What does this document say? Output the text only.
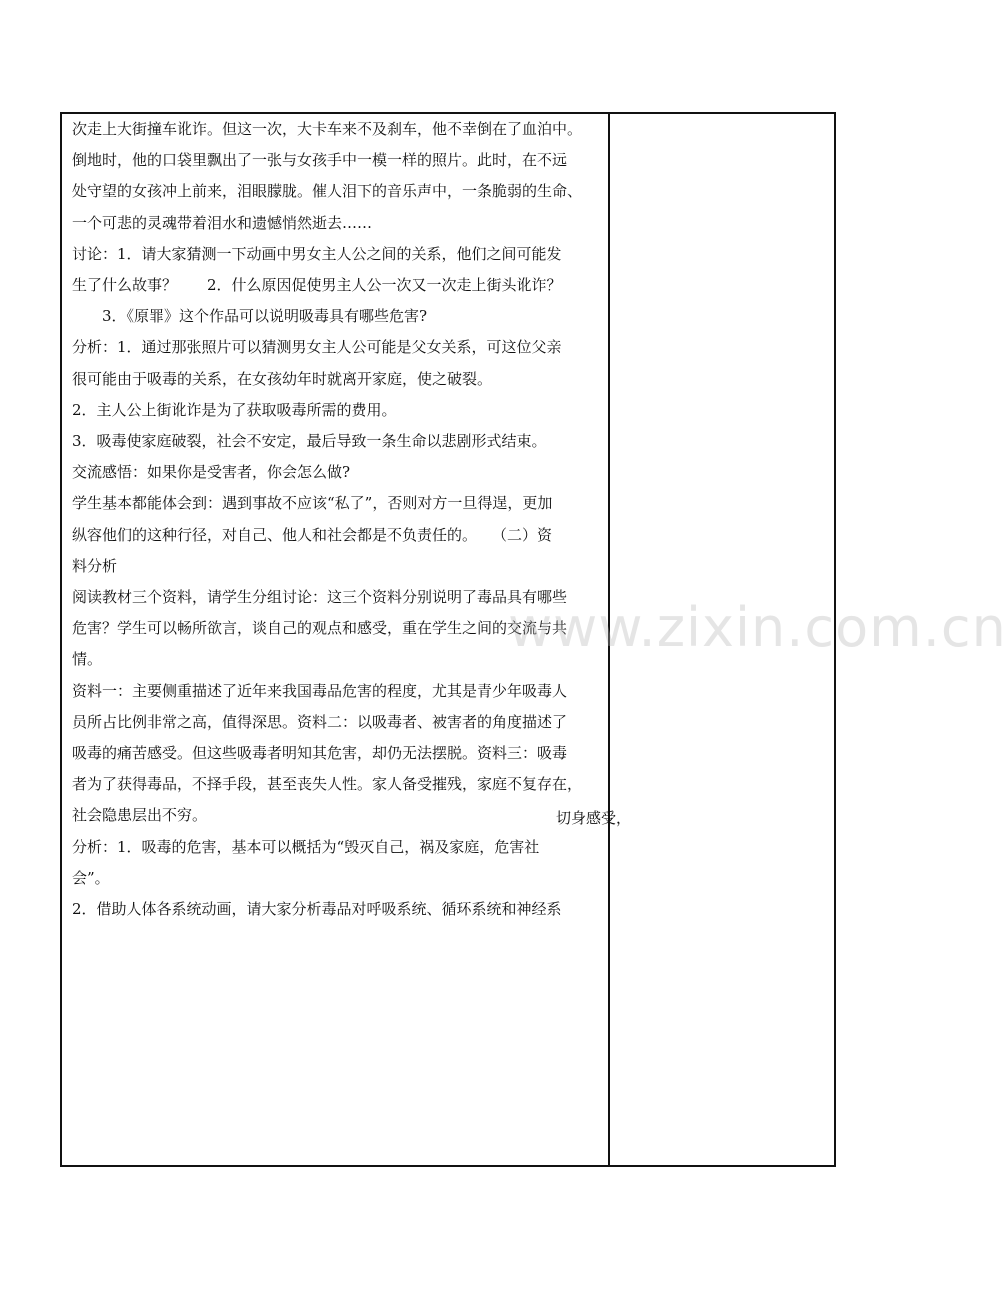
次走上大街撞车讹诈。但这一次，大卡车来不及刹车，他不幸倒在了血泊中。

倒地时，他的口袋里飘出了一张与女孩手中一模一样的照片。此时，在不远

处守望的女孩冲上前来，泪眼朦胧。催人泪下的音乐声中，一条脆弱的生命、

一个可悲的灵魂带着泪水和遗憾悄然逝去……

讨论：1．请大家猜测一下动画中男女主人公之间的关系，他们之间可能发

生了什么故事？　　2．什么原因促使男主人公一次又一次走上街头讹诈？

3．《原罪》这个作品可以说明吸毒具有哪些危害?

分析：1．通过那张照片可以猜测男女主人公可能是父女关系，可这位父亲

很可能由于吸毒的关系，在女孩幼年时就离开家庭，使之破裂。

2．主人公上街讹诈是为了获取吸毒所需的费用。

3．吸毒使家庭破裂，社会不安定，最后导致一条生命以悲剧形式结束。

交流感悟：如果你是受害者，你会怎么做?

学生基本都能体会到：遇到事故不应该“私了”，否则对方一旦得逞，更加

纵容他们的这种行径，对自己、他人和社会都是不负责任的。　　（二）资

料分析

阅读教材三个资料，请学生分组讨论：这三个资料分别说明了毒品具有哪些

危害？学生可以畅所欲言，谈自己的观点和感受，重在学生之间的交流与共

情。

资料一：主要侧重描述了近年来我国毒品危害的程度，尤其是青少年吸毒人

员所占比例非常之高，值得深思。资料二：以吸毒者、被害者的角度描述了

吸毒的痛苦感受。但这些吸毒者明知其危害，却仍无法摆脱。资料三：吸毒

者为了获得毒品，不择手段，甚至丧失人性。家人备受摧残，家庭不复存在，

社会隐患层出不穷。

分析：1．吸毒的危害，基本可以概括为“毁灭自己，祸及家庭，危害社

会”。

2．借助人体各系统动画，请大家分析毒品对呼吸系统、循环系统和神经系

切身感受，
www.zixin.com.cn
